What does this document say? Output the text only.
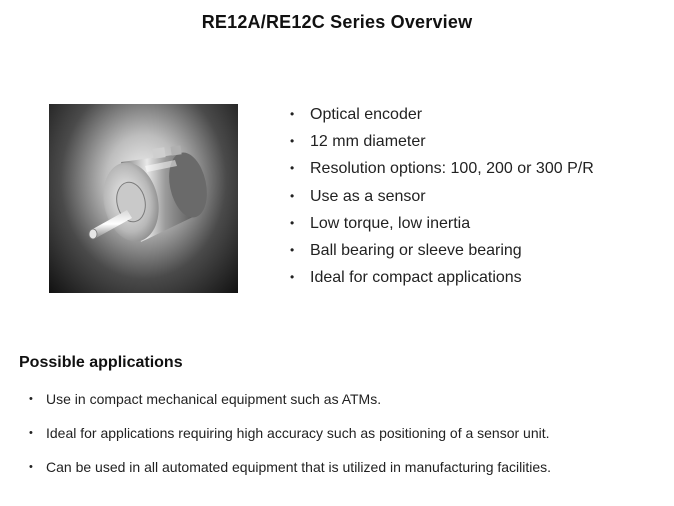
RE12A/RE12C Series Overview
• Optical encoder
• 12 mm diameter
• Resolution options: 100, 200 or 300 P/R
• Use as a sensor
• Low torque, low inertia
• Ball bearing or sleeve bearing
• Ideal for compact applications
Possible applications
• Use in compact mechanical equipment such as ATMs.
• Ideal for applications requiring high accuracy such as positioning of a sensor unit.
• Can be used in all automated equipment that is utilized in manufacturing facilities.
